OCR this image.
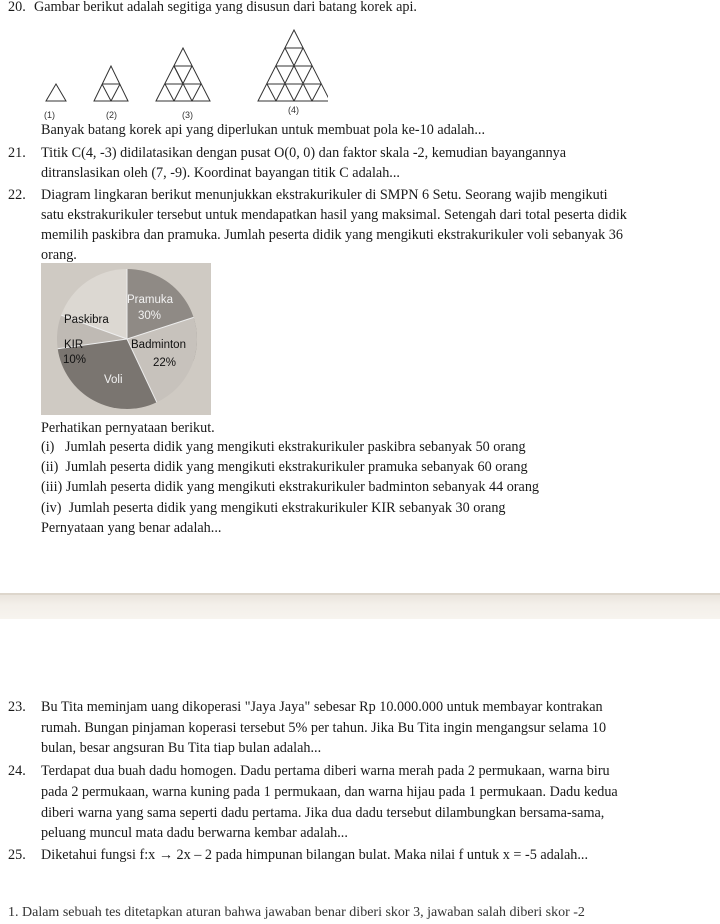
20. Gambar berikut adalah segitiga yang disusun dari batang korek api.
(1)	(2)	(3)	(4)
Banyak batang korek api yang diperlukan untuk membuat pola ke-10 adalah...
21. Titik C(4, -3) didilatasikan dengan pusat O(0, 0) dan faktor skala -2, kemudian bayangannya
ditranslasikan oleh (7, -9). Koordinat bayangan titik C adalah...
22. Diagram lingkaran berikut menunjukkan ekstrakurikuler di SMPN 6 Setu. Seorang wajib mengikuti
satu ekstrakurikuler tersebut untuk mendapatkan hasil yang maksimal. Setengah dari total peserta didik
memilih paskibra dan pramuka. Jumlah peserta didik yang mengikuti ekstrakurikuler voli sebanyak 36
orang.
Pramuka
30%
Paskibra
KIR
10%
Badminton
22%
Voli
Perhatikan pernyataan berikut.
(i)   Jumlah peserta didik yang mengikuti ekstrakurikuler paskibra sebanyak 50 orang
(ii)  Jumlah peserta didik yang mengikuti ekstrakurikuler pramuka sebanyak 60 orang
(iii) Jumlah peserta didik yang mengikuti ekstrakurikuler badminton sebanyak 44 orang
(iv)  Jumlah peserta didik yang mengikuti ekstrakurikuler KIR sebanyak 30 orang
Pernyataan yang benar adalah...
23. Bu Tita meminjam uang dikoperasi "Jaya Jaya" sebesar Rp 10.000.000 untuk membayar kontrakan
rumah. Bungan pinjaman koperasi tersebut 5% per tahun. Jika Bu Tita ingin mengangsur selama 10
bulan, besar angsuran Bu Tita tiap bulan adalah...
24. Terdapat dua buah dadu homogen. Dadu pertama diberi warna merah pada 2 permukaan, warna biru
pada 2 permukaan, warna kuning pada 1 permukaan, dan warna hijau pada 1 permukaan. Dadu kedua
diberi warna yang sama seperti dadu pertama. Jika dua dadu tersebut dilambungkan bersama-sama,
peluang muncul mata dadu berwarna kembar adalah...
25. Diketahui fungsi f:x → 2x – 2 pada himpunan bilangan bulat. Maka nilai f untuk x = -5 adalah...
1. Dalam sebuah tes ditetapkan aturan bahwa jawaban benar diberi skor 3, jawaban salah diberi skor -2
